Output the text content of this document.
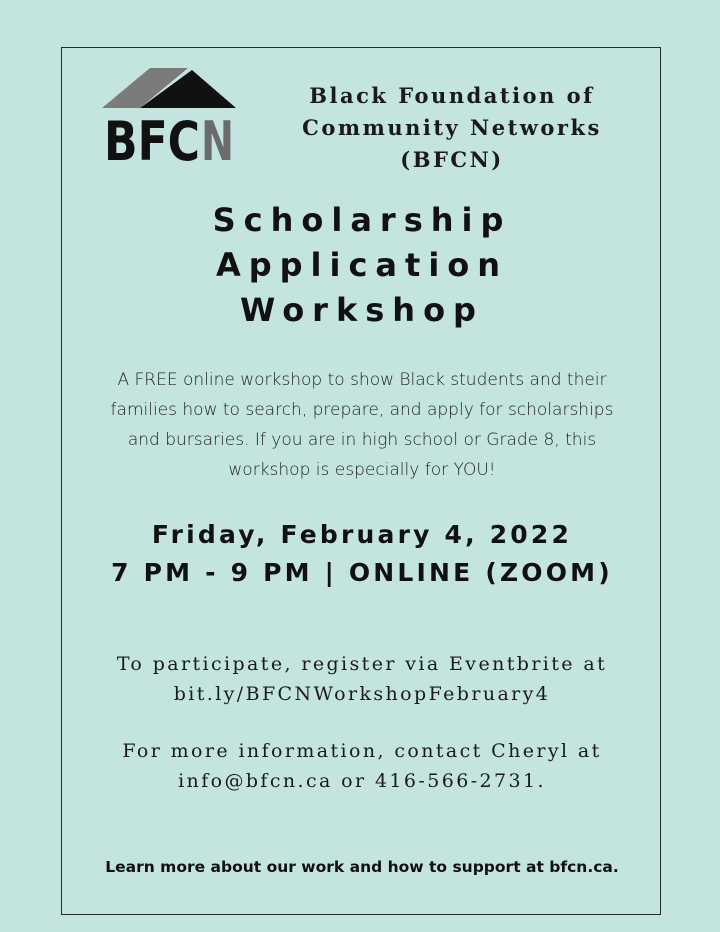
BFC N
Black Foundation of
Community Networks
(BFCN)
Scholarship
Application
Workshop
A FREE online workshop to show Black students and their
families how to search, prepare, and apply for scholarships
and bursaries. If you are in high school or Grade 8, this
workshop is especially for YOU!
Friday, February 4, 2022
7 PM - 9 PM | ONLINE (ZOOM)
To participate, register via Eventbrite at
bit.ly/BFCNWorkshopFebruary4
For more information, contact Cheryl at
info@bfcn.ca or 416-566-2731.
Learn more about our work and how to support at bfcn.ca.
